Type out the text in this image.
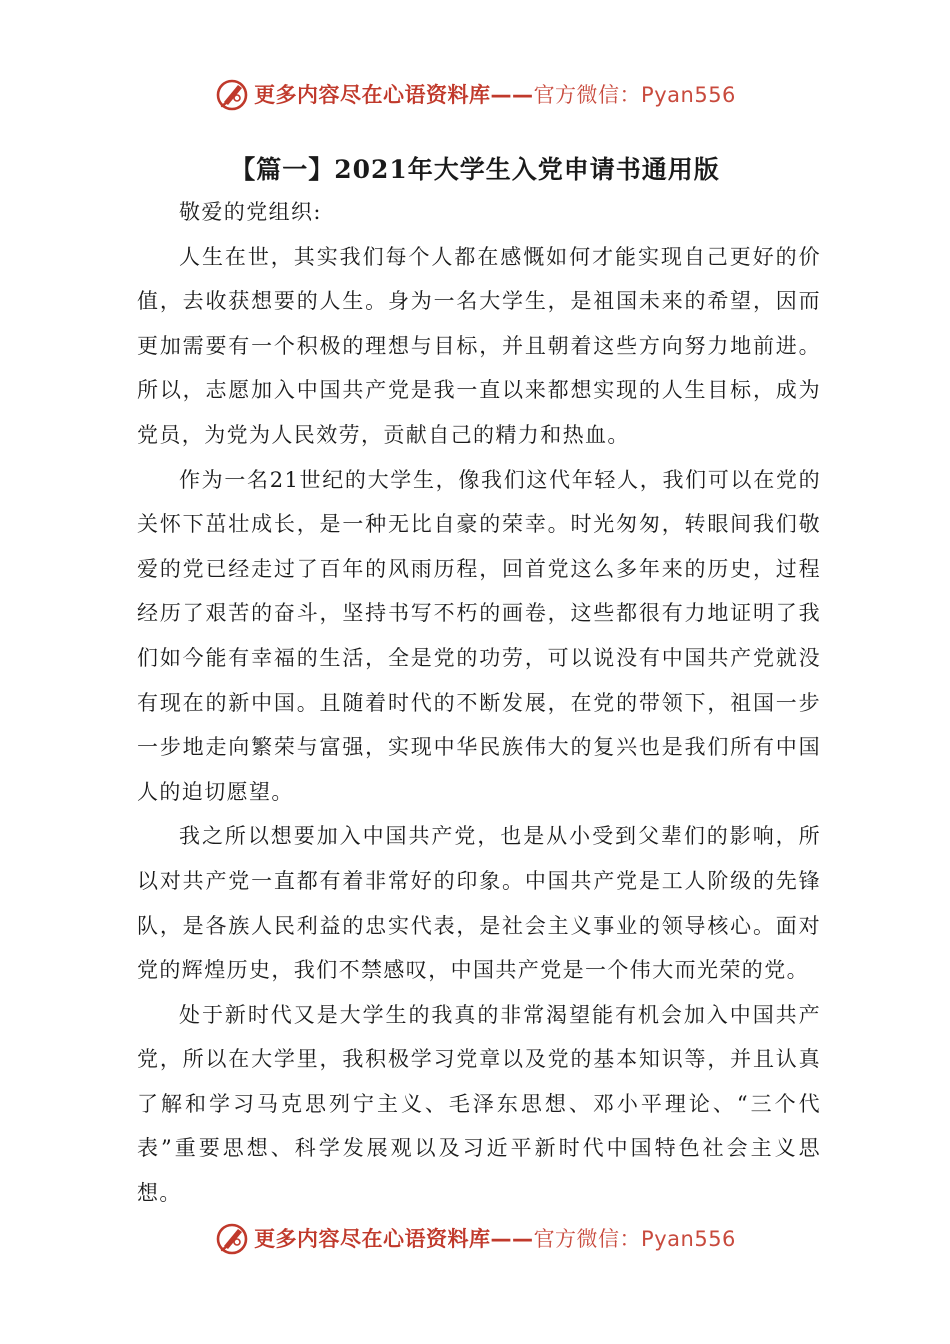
更多内容尽在心语资料库——官方微信：Pyan556
【篇一】2021年大学生入党申请书通用版

敬爱的党组织:

人生在世，其实我们每个人都在感慨如何才能实现自己更好的价值，去收获想要的人生。身为一名大学生，是祖国未来的希望，因而更加需要有一个积极的理想与目标，并且朝着这些方向努力地前进。所以，志愿加入中国共产党是我一直以来都想实现的人生目标，成为党员，为党为人民效劳，贡献自己的精力和热血。

作为一名21世纪的大学生，像我们这代年轻人，我们可以在党的关怀下茁壮成长，是一种无比自豪的荣幸。时光匆匆，转眼间我们敬爱的党已经走过了百年的风雨历程，回首党这么多年来的历史，过程经历了艰苦的奋斗，坚持书写不朽的画卷，这些都很有力地证明了我们如今能有幸福的生活，全是党的功劳，可以说没有中国共产党就没有现在的新中国。且随着时代的不断发展，在党的带领下，祖国一步一步地走向繁荣与富强，实现中华民族伟大的复兴也是我们所有中国人的迫切愿望。

我之所以想要加入中国共产党，也是从小受到父辈们的影响，所以对共产党一直都有着非常好的印象。中国共产党是工人阶级的先锋队，是各族人民利益的忠实代表，是社会主义事业的领导核心。面对党的辉煌历史，我们不禁感叹，中国共产党是一个伟大而光荣的党。

处于新时代又是大学生的我真的非常渴望能有机会加入中国共产党，所以在大学里，我积极学习党章以及党的基本知识等，并且认真了解和学习马克思列宁主义、毛泽东思想、邓小平理论、“三个代表”重要思想、科学发展观以及习近平新时代中国特色社会主义思想。

更多内容尽在心语资料库——官方微信：Pyan556
